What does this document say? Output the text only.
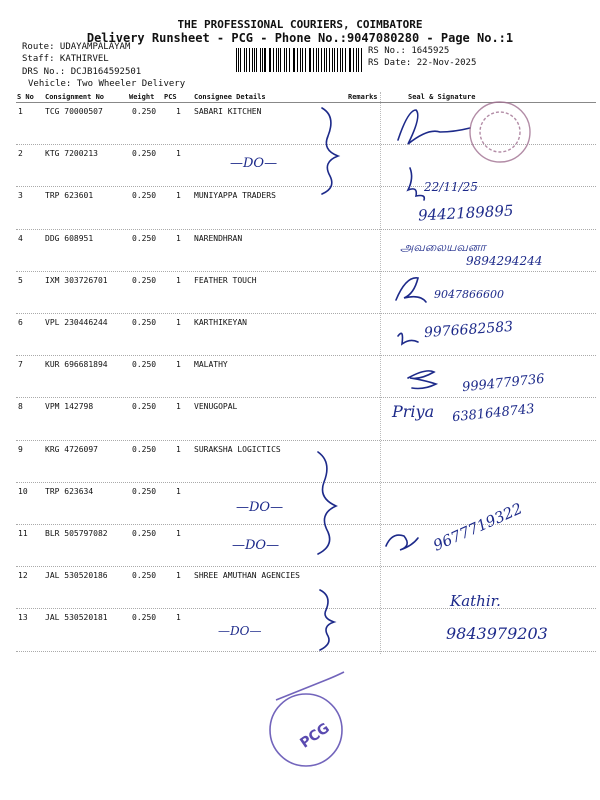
THE PROFESSIONAL COURIERS, COIMBATORE
Delivery Runsheet - PCG - Phone No.:9047080280 - Page No.:1
Route: UDAYAMPALAYAM
Staff: KATHIRVEL
DRS No.: DCJB164592501
Vehicle: Two Wheeler Delivery
RS No.: 1645925
RS Date: 22-Nov-2025
S No Consignment No	Weight PCS Consignee Details	Remarks	Seal & Signature
1	TCG 70000507	0.250 1 SABARI KITCHEN
2	KTG 7200213	0.250 1
3	TRP 623601	0.250 1 MUNIYAPPA TRADERS
4	DDG 608951	0.250 1 NARENDHRAN
5	IXM 303726701	0.250 1 FEATHER TOUCH
6	VPL 230446244	0.250 1 KARTHIKEYAN
7	KUR 696681894	0.250 1 MALATHY
8	VPM 142798	0.250 1 VENUGOPAL
9	KRG 4726097	0.250 1 SURAKSHA LOGICTICS
10 TRP 623634	0.250 1
11 BLR 505797082	0.250 1
12 JAL 530520186	0.250 1 SHREE AMUTHAN AGENCIES
13 JAL 530520181	0.250 1
—DO—
—DO—
—DO—
—DO—
22/11/25
9442189895
அவலையவனா
9894294244
9047866600
9976682583
9994779736
Priya 6381648743
9677719322
Kathir.
9843979203
PCG
